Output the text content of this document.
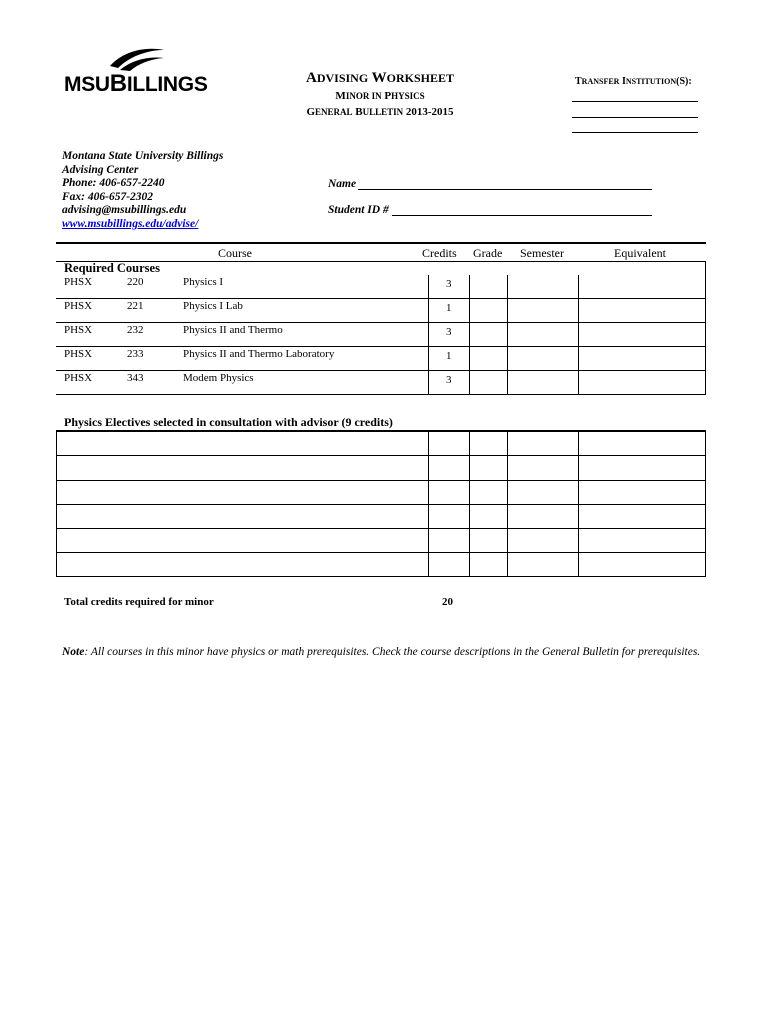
MSUBILLINGS	ADVISING WORKSHEET
MINOR IN PHYSICS
GENERAL BULLETIN 2013-2015
TRANSFER INSTITUTION(S):
Montana State University Billings
Advising Center
Phone: 406-657-2240
Fax: 406-657-2302
advising@msubillings.edu
www.msubillings.edu/advise/
Name
Student ID #
Course	Credits Grade Semester	Equivalent
Required Courses
PHSX	220	Physics I	3
PHSX	221	Physics I Lab	1
PHSX	232	Physics II and Thermo	3
PHSX	233	Physics II and Thermo Laboratory	1
PHSX	343	Modem Physics	3
Physics Electives selected in consultation with advisor (9 credits)
Total credits required for minor	20
Note: All courses in this minor have physics or math prerequisites. Check the course descriptions in the General Bulletin for prerequisites.
